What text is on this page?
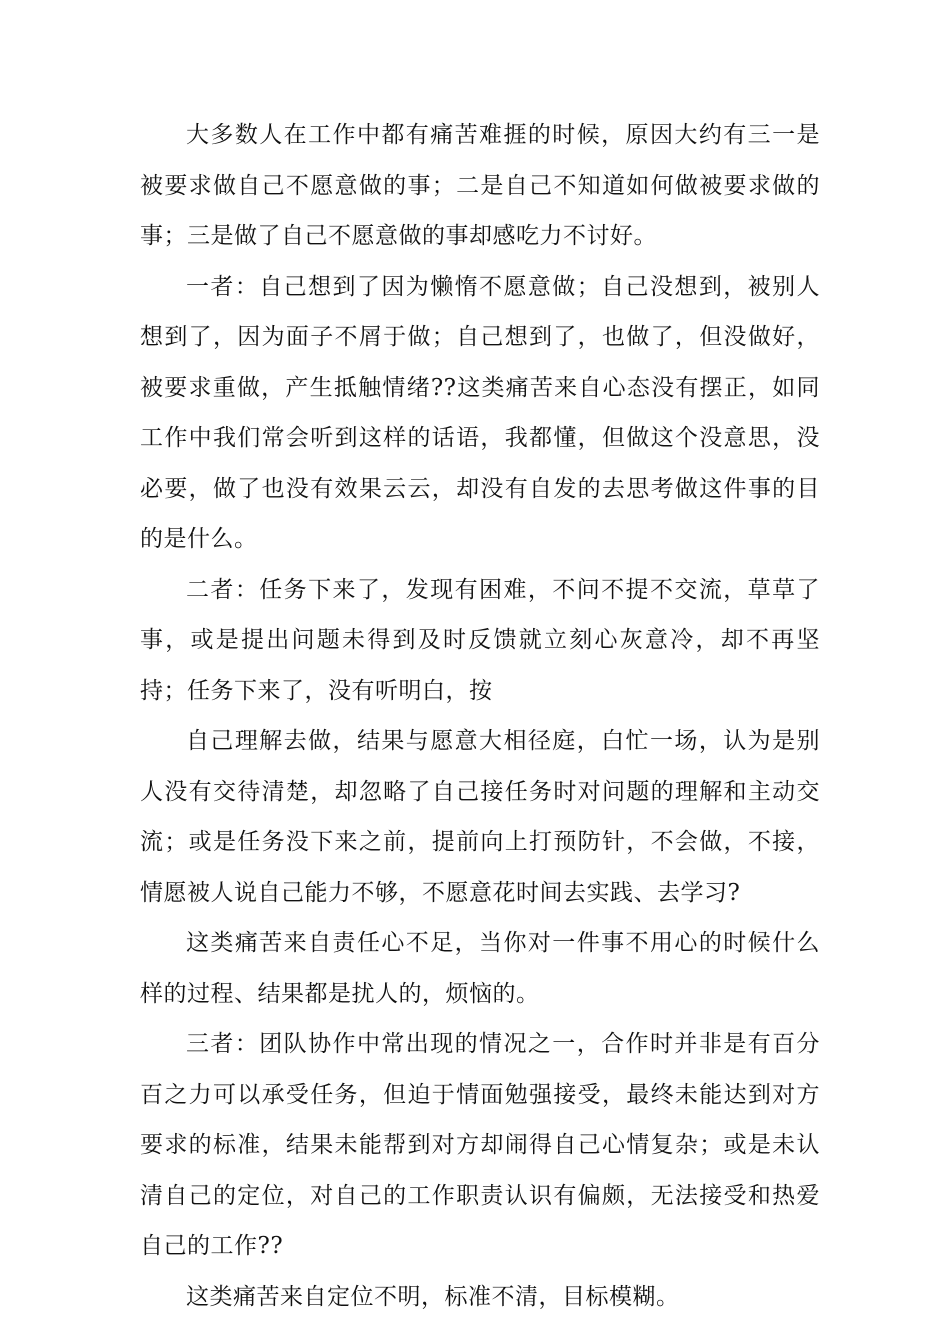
大多数人在工作中都有痛苦难捱的时候，原因大约有三一是被要求做自己不愿意做的事；二是自己不知道如何做被要求做的事；三是做了自己不愿意做的事却感吃力不讨好。

一者：自己想到了因为懒惰不愿意做；自己没想到，被别人想到了，因为面子不屑于做；自己想到了，也做了，但没做好，被要求重做，产生抵触情绪??这类痛苦来自心态没有摆正，如同工作中我们常会听到这样的话语，我都懂，但做这个没意思，没必要，做了也没有效果云云，却没有自发的去思考做这件事的目的是什么。

二者：任务下来了，发现有困难，不问不提不交流，草草了事，或是提出问题未得到及时反馈就立刻心灰意冷，却不再坚持；任务下来了，没有听明白，按

自己理解去做，结果与愿意大相径庭，白忙一场，认为是别人没有交待清楚，却忽略了自己接任务时对问题的理解和主动交流；或是任务没下来之前，提前向上打预防针，不会做，不接，情愿被人说自己能力不够，不愿意花时间去实践、去学习?

这类痛苦来自责任心不足，当你对一件事不用心的时候什么样的过程、结果都是扰人的，烦恼的。

三者：团队协作中常出现的情况之一，合作时并非是有百分百之力可以承受任务，但迫于情面勉强接受，最终未能达到对方要求的标准，结果未能帮到对方却闹得自己心情复杂；或是未认清自己的定位，对自己的工作职责认识有偏颇，无法接受和热爱自己的工作??

这类痛苦来自定位不明，标准不清，目标模糊。
